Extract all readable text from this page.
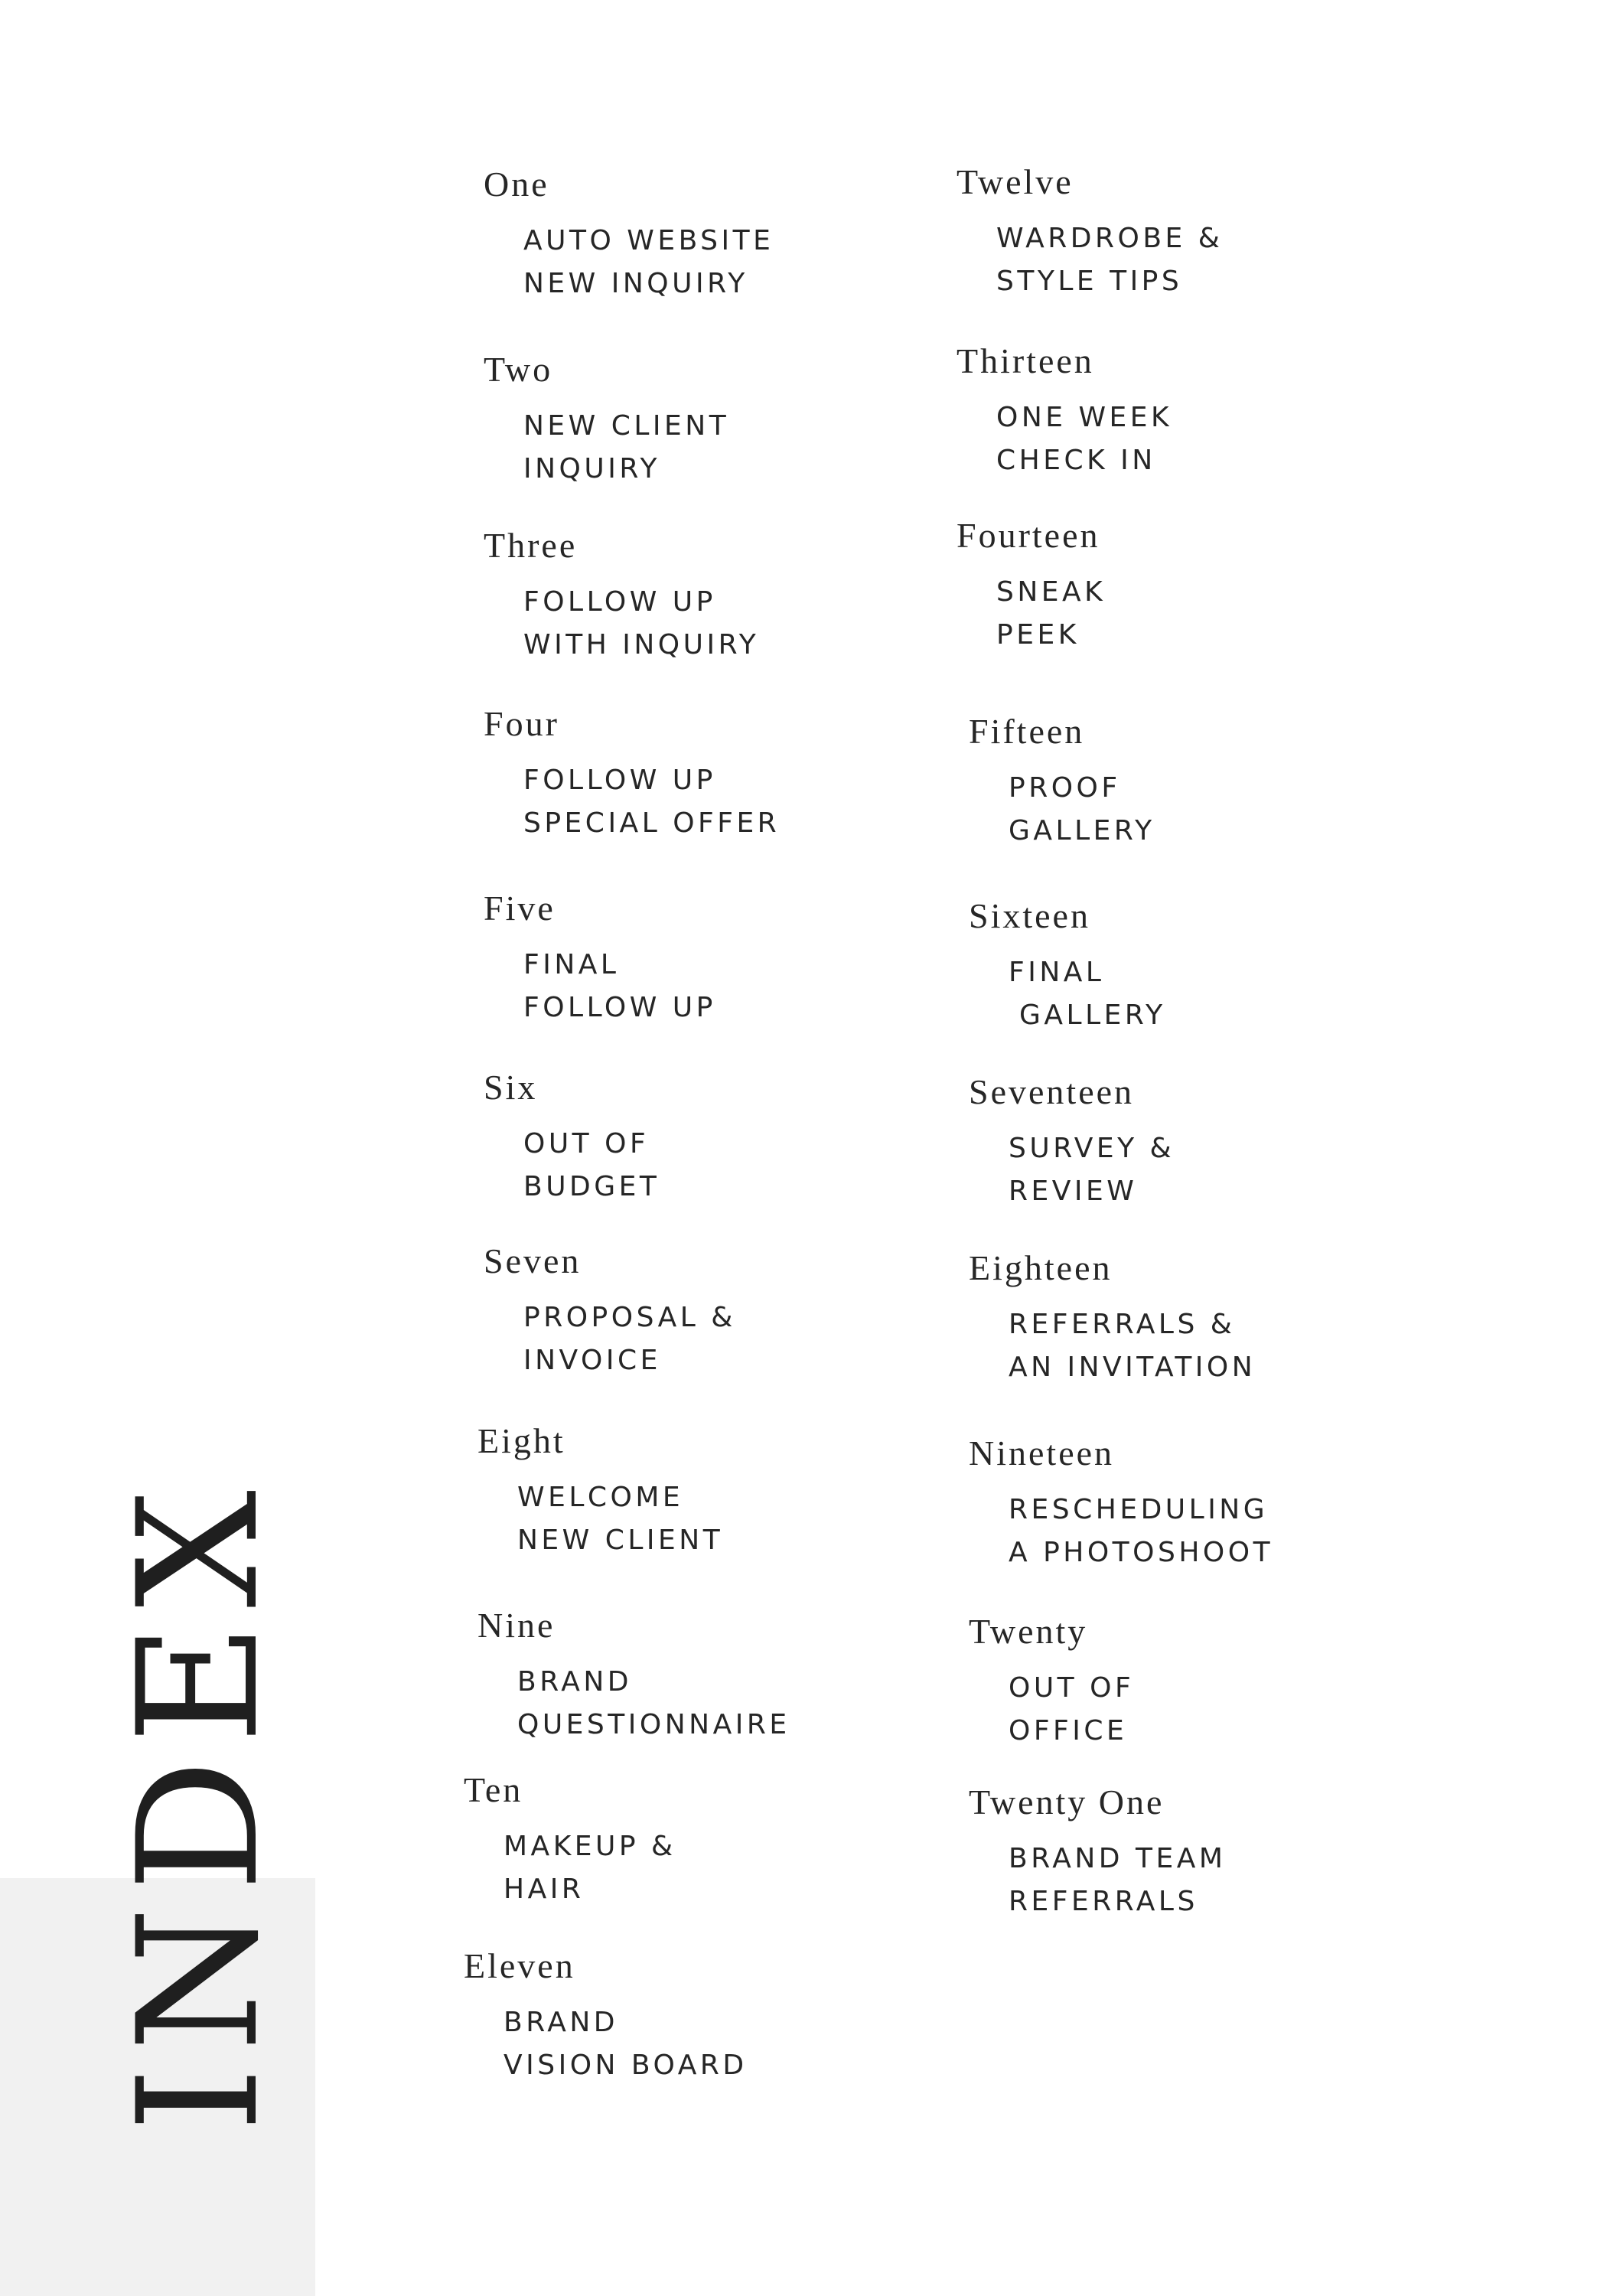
INDEX
One
AUTO WEBSITE
NEW INQUIRY
Two
NEW CLIENT
INQUIRY
Three
FOLLOW UP
WITH INQUIRY
Four
FOLLOW UP
SPECIAL OFFER
Five
FINAL
FOLLOW UP
Six
OUT OF
BUDGET
Seven
PROPOSAL &
INVOICE
Eight
WELCOME
NEW CLIENT
Nine
BRAND
QUESTIONNAIRE
Ten
MAKEUP &
HAIR
Eleven
BRAND
VISION BOARD
Twelve
WARDROBE &
STYLE TIPS
Thirteen
ONE WEEK
CHECK IN
Fourteen
SNEAK
PEEK
Fifteen
PROOF
GALLERY
Sixteen
FINAL
GALLERY
Seventeen
SURVEY &
REVIEW
Eighteen
REFERRALS &
AN INVITATION
Nineteen
RESCHEDULING
A PHOTOSHOOT
Twenty
OUT OF
OFFICE
Twenty One
BRAND TEAM
REFERRALS
